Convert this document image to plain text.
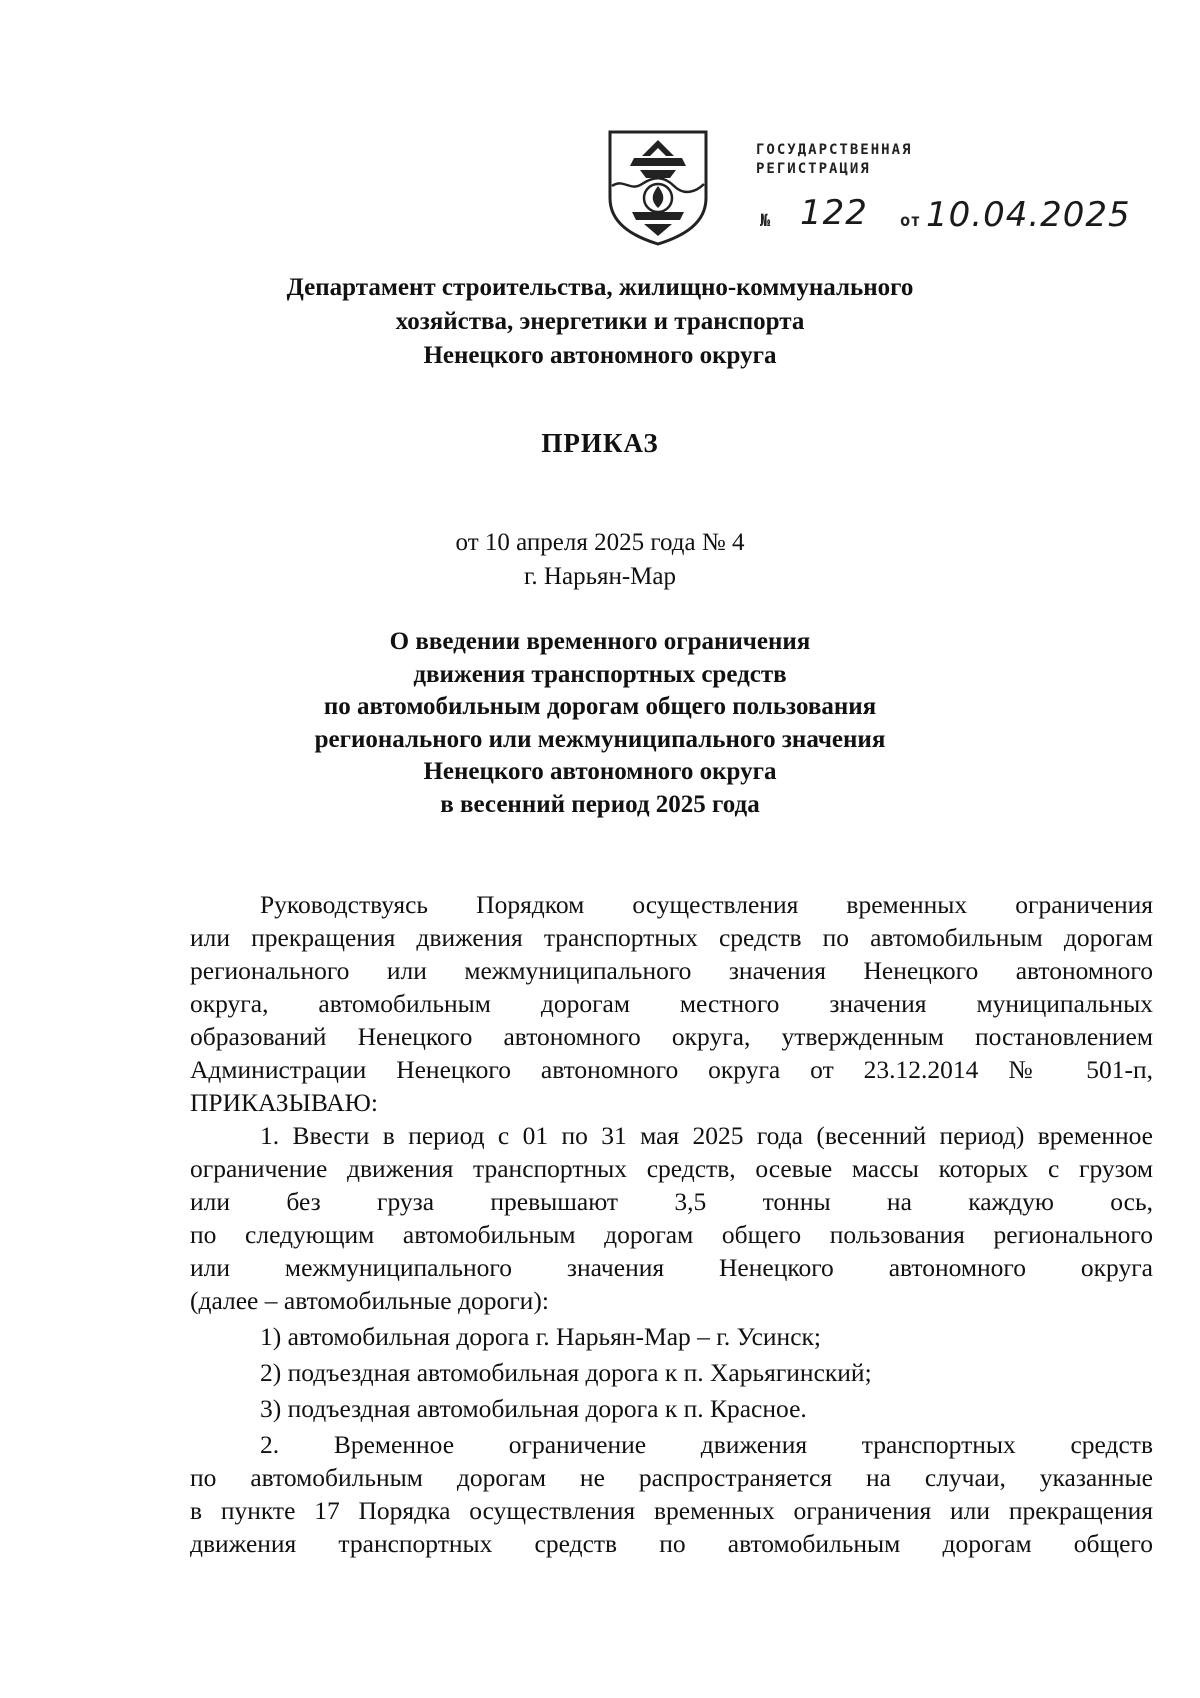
ГОСУДАРСТВЕННАЯ
РЕГИСТРАЦИЯ
№ 122 от 10.04.2025
Департамент строительства, жилищно-коммунального
хозяйства, энергетики и транспорта
Ненецкого автономного округа
ПРИКАЗ
от 10 апреля 2025 года № 4
г. Нарьян-Мар
О введении временного ограничения
движения транспортных средств
по автомобильным дорогам общего пользования
регионального или межмуниципального значения
Ненецкого автономного округа
в весенний период 2025 года

Руководствуясь Порядком осуществления временных ограничения

или прекращения движения транспортных средств по автомобильным дорогам

регионального или межмуниципального значения Ненецкого автономного

округа, автомобильным дорогам местного значения муниципальных

образований Ненецкого автономного округа, утвержденным постановлением

Администрации Ненецкого автономного округа от 23.12.2014 № 501-п,

ПРИКАЗЫВАЮ:

1. Ввести в период с 01 по 31 мая 2025 года (весенний период) временное

ограничение движения транспортных средств, осевые массы которых с грузом

или без груза превышают 3,5 тонны на каждую ось,

по следующим автомобильным дорогам общего пользования регионального

или межмуниципального значения Ненецкого автономного округа

(далее – автомобильные дороги):

1) автомобильная дорога г. Нарьян-Мар – г. Усинск;

2) подъездная автомобильная дорога к п. Харьягинский;

3) подъездная автомобильная дорога к п. Красное.

2. Временное ограничение движения транспортных средств

по автомобильным дорогам не распространяется на случаи, указанные

в пункте 17 Порядка осуществления временных ограничения или прекращения

движения транспортных средств по автомобильным дорогам общего
